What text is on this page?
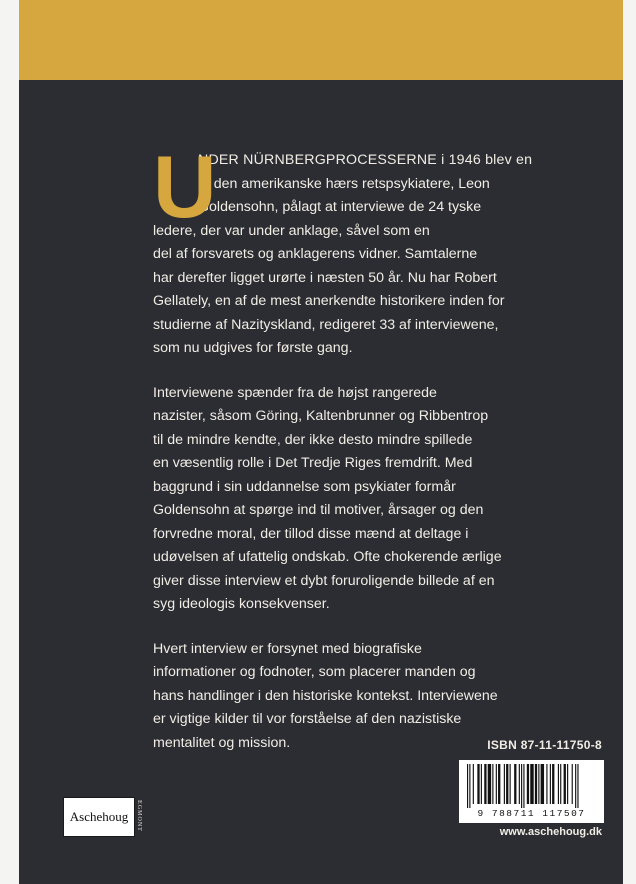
U
NDER NÜRNBERGPROCESSERNE i 1946 blev en
af den amerikanske hærs retspsykiatere, Leon
Goldensohn, pålagt at interviewe de 24 tyske
ledere, der var under anklage, såvel som en
del af forsvarets og anklagerens vidner. Samtalerne
har derefter ligget urørte i næsten 50 år. Nu har Robert
Gellately, en af de mest anerkendte historikere inden for
studierne af Nazityskland, redigeret 33 af interviewene,
som nu udgives for første gang.
Interviewene spænder fra de højst rangerede
nazister, såsom Göring, Kaltenbrunner og Ribbentrop
til de mindre kendte, der ikke desto mindre spillede
en væsentlig rolle i Det Tredje Riges fremdrift. Med
baggrund i sin uddannelse som psykiater formår
Goldensohn at spørge ind til motiver, årsager og den
forvredne moral, der tillod disse mænd at deltage i
udøvelsen af ufattelig ondskab. Ofte chokerende ærlige
giver disse interview et dybt foruroligende billede af en
syg ideologis konsekvenser.
Hvert interview er forsynet med biografiske
informationer og fodnoter, som placerer manden og
hans handlinger i den historiske kontekst. Interviewene
er vigtige kilder til vor forståelse af den nazistiske
mentalitet og mission.	ISBN 87-11-11750-8
9 788711 117507
www.aschehoug.dk
Aschehoug EGMONT
